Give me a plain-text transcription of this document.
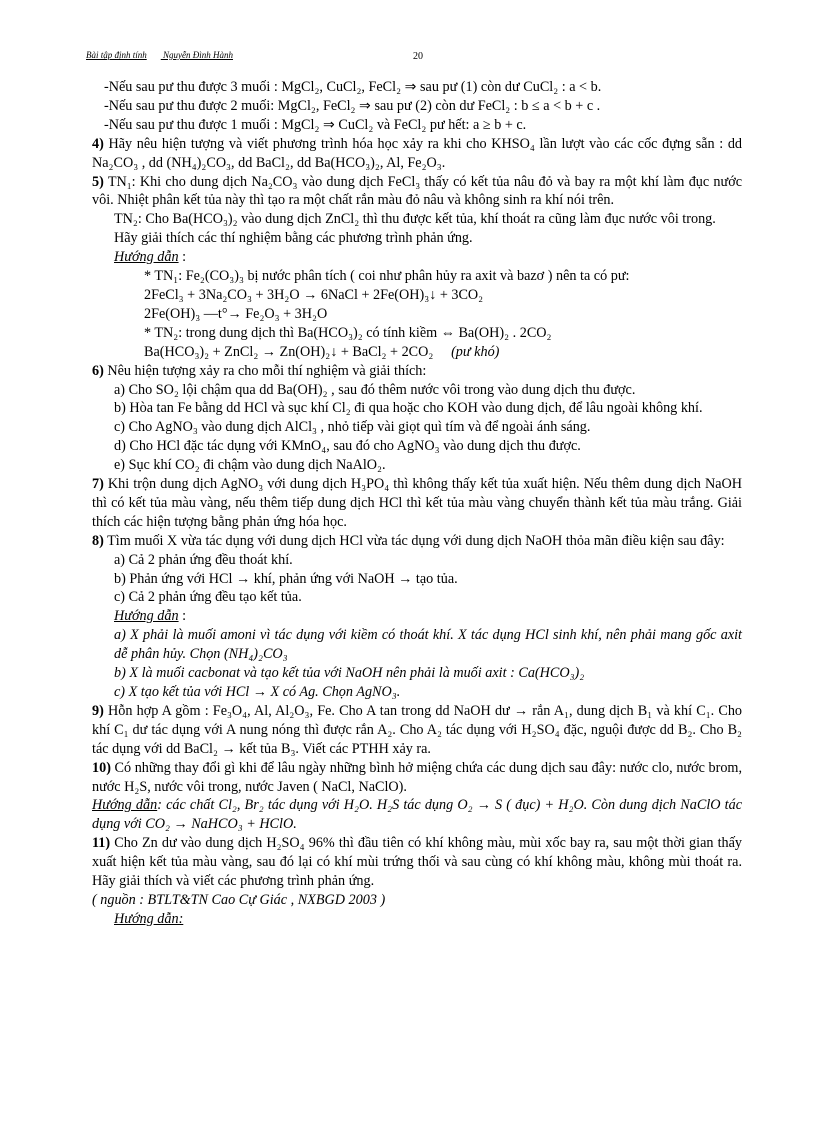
Bài tập định tính Nguyễn Đình Hành	20

-Nếu sau pư thu được 3 muối : MgCl₂, CuCl₂, FeCl₂ ⇒ sau pư (1) còn dư CuCl₂ : a < b.

-Nếu sau pư thu được 2 muối: MgCl₂, FeCl₂ ⇒ sau pư (2) còn dư FeCl₂ : b ≤ a < b + c .

-Nếu sau pư thu được 1 muối : MgCl₂ ⇒ CuCl₂ và FeCl₂ pư hết: a ≥ b + c.

4) Hãy nêu hiện tượng và viết phương trình hóa học xảy ra khi cho KHSO₄ lần lượt vào các cốc đựng sẵn : dd Na₂CO₃ , dd (NH₄)₂CO₃, dd BaCl₂, dd Ba(HCO₃)₂, Al, Fe₂O₃.

5) TN₁: Khi cho dung dịch Na₂CO₃ vào dung dịch FeCl₃ thấy có kết tủa nâu đỏ và bay ra một khí làm đục nước vôi. Nhiệt phân kết tủa này thì tạo ra một chất rắn màu đỏ nâu và không sinh ra khí nói trên.

TN₂: Cho Ba(HCO₃)₂ vào dung dịch ZnCl₂ thì thu được kết tủa, khí thoát ra cũng làm đục nước vôi trong.

Hãy giải thích các thí nghiệm bằng các phương trình phản ứng.

Hướng dẫn :

* TN₁: Fe₂(CO₃)₃ bị nước phân tích ( coi như phân hủy ra axit và bazơ ) nên ta có pư:

2FeCl₃ + 3Na₂CO₃ + 3H₂O → 6NaCl + 2Fe(OH)₃↓ + 3CO₂

2Fe(OH)₃ —t°→ Fe₂O₃ + 3H₂O

* TN₂: trong dung dịch thì Ba(HCO₃)₂ có tính kiềm ⇔ Ba(OH)₂ . 2CO₂

Ba(HCO₃)₂ + ZnCl₂ → Zn(OH)₂↓ + BaCl₂ + 2CO₂ (pư khó)

6) Nêu hiện tượng xảy ra cho mỗi thí nghiệm và giải thích:

a) Cho SO₂ lội chậm qua dd Ba(OH)₂ , sau đó thêm nước vôi trong vào dung dịch thu được.

b) Hòa tan Fe bằng dd HCl và sục khí Cl₂ đi qua hoặc cho KOH vào dung dịch, để lâu ngoài không khí.

c) Cho AgNO₃ vào dung dịch AlCl₃ , nhỏ tiếp vài giọt quì tím và để ngoài ánh sáng.

d) Cho HCl đặc tác dụng với KMnO₄, sau đó cho AgNO₃ vào dung dịch thu được.

e) Sục khí CO₂ đi chậm vào dung dịch NaAlO₂.

7) Khi trộn dung dịch AgNO₃ với dung dịch H₃PO₄ thì không thấy kết tủa xuất hiện. Nếu thêm dung dịch NaOH thì có kết tủa màu vàng, nếu thêm tiếp dung dịch HCl thì kết tủa màu vàng chuyển thành kết tủa màu trắng. Giải thích các hiện tượng bằng phản ứng hóa học.

8) Tìm muối X vừa tác dụng với dung dịch HCl vừa tác dụng với dung dịch NaOH thỏa mãn điều kiện sau đây:

a) Cả 2 phản ứng đều thoát khí.

b) Phản ứng với HCl → khí, phản ứng với NaOH → tạo tủa.

c) Cả 2 phản ứng đều tạo kết tủa.

Hướng dẫn :

a) X phải là muối amoni vì tác dụng với kiềm có thoát khí. X tác dụng HCl sinh khí, nên phải mang gốc axit dễ phân hủy. Chọn (NH₄)₂CO₃

b) X là muối cacbonat và tạo kết tủa với NaOH nên phải là muối axit : Ca(HCO₃)₂

c) X tạo kết tủa với HCl → X có Ag. Chọn AgNO₃.

9) Hỗn hợp A gồm : Fe₃O₄, Al, Al₂O₃, Fe. Cho A tan trong dd NaOH dư → rắn A₁, dung dịch B₁ và khí C₁. Cho khí C₁ dư tác dụng với A nung nóng thì được rắn A₂. Cho A₂ tác dụng với H₂SO₄ đặc, nguội được dd B₂. Cho B₂ tác dụng với dd BaCl₂ → kết tủa B₃. Viết các PTHH xảy ra.

10) Có những thay đổi gì khi để lâu ngày những bình hở miệng chứa các dung dịch sau đây: nước clo, nước brom, nước H₂S, nước vôi trong, nước Javen ( NaCl, NaClO).

Hướng dẫn: các chất Cl₂, Br₂ tác dụng với H₂O. H₂S tác dụng O₂ → S ( đục) + H₂O. Còn dung dịch NaClO tác dụng với CO₂ → NaHCO₃ + HClO.

11) Cho Zn dư vào dung dịch H₂SO₄ 96% thì đầu tiên có khí không màu, mùi xốc bay ra, sau một thời gian thấy xuất hiện kết tủa màu vàng, sau đó lại có khí mùi trứng thối và sau cùng có khí không màu, không mùi thoát ra. Hãy giải thích và viết các phương trình phản ứng.

( nguồn : BTLT&TN Cao Cự Giác , NXBGD 2003 )

Hướng dẫn:
